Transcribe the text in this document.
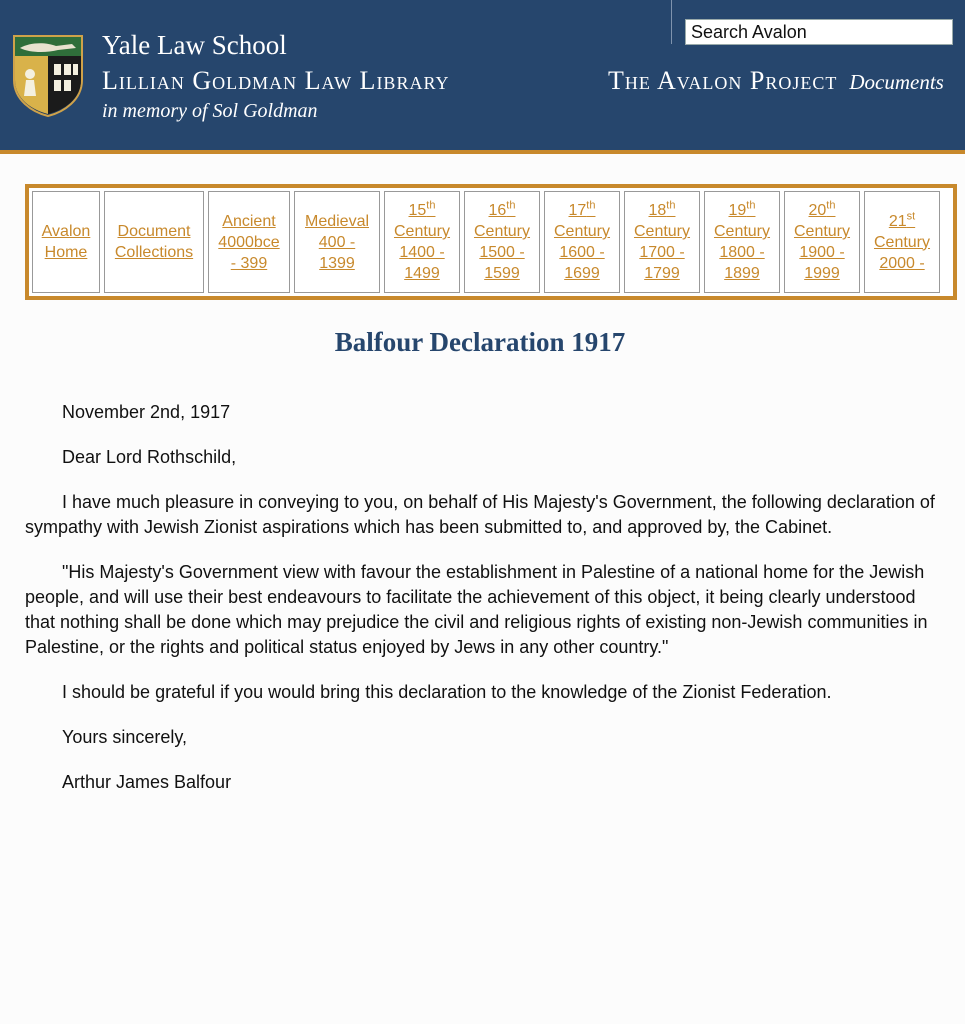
Yale Law School
Lillian Goldman Law Library
in memory of Sol Goldman
Search Avalon
The Avalon Project Documents
Avalon
Home
Document
Collections
Ancient
4000bce
- 399
Medieval
400 -
1399
15th
Century
1400 -
1499
16th
Century
1500 -
1599
17th
Century
1600 -
1699
18th
Century
1700 -
1799
19th
Century
1800 -
1899
20th
Century
1900 -
1999
21st
Century
2000 -
Balfour Declaration 1917

November 2nd, 1917

Dear Lord Rothschild,

I have much pleasure in conveying to you, on behalf of His Majesty's Government, the following declaration of sympathy with Jewish Zionist aspirations which has been submitted to, and approved by, the Cabinet.

"His Majesty's Government view with favour the establishment in Palestine of a national home for the Jewish people, and will use their best endeavours to facilitate the achievement of this object, it being clearly understood that nothing shall be done which may prejudice the civil and religious rights of existing non-Jewish communities in Palestine, or the rights and political status enjoyed by Jews in any other country."

I should be grateful if you would bring this declaration to the knowledge of the Zionist Federation.

Yours sincerely,

Arthur James Balfour
